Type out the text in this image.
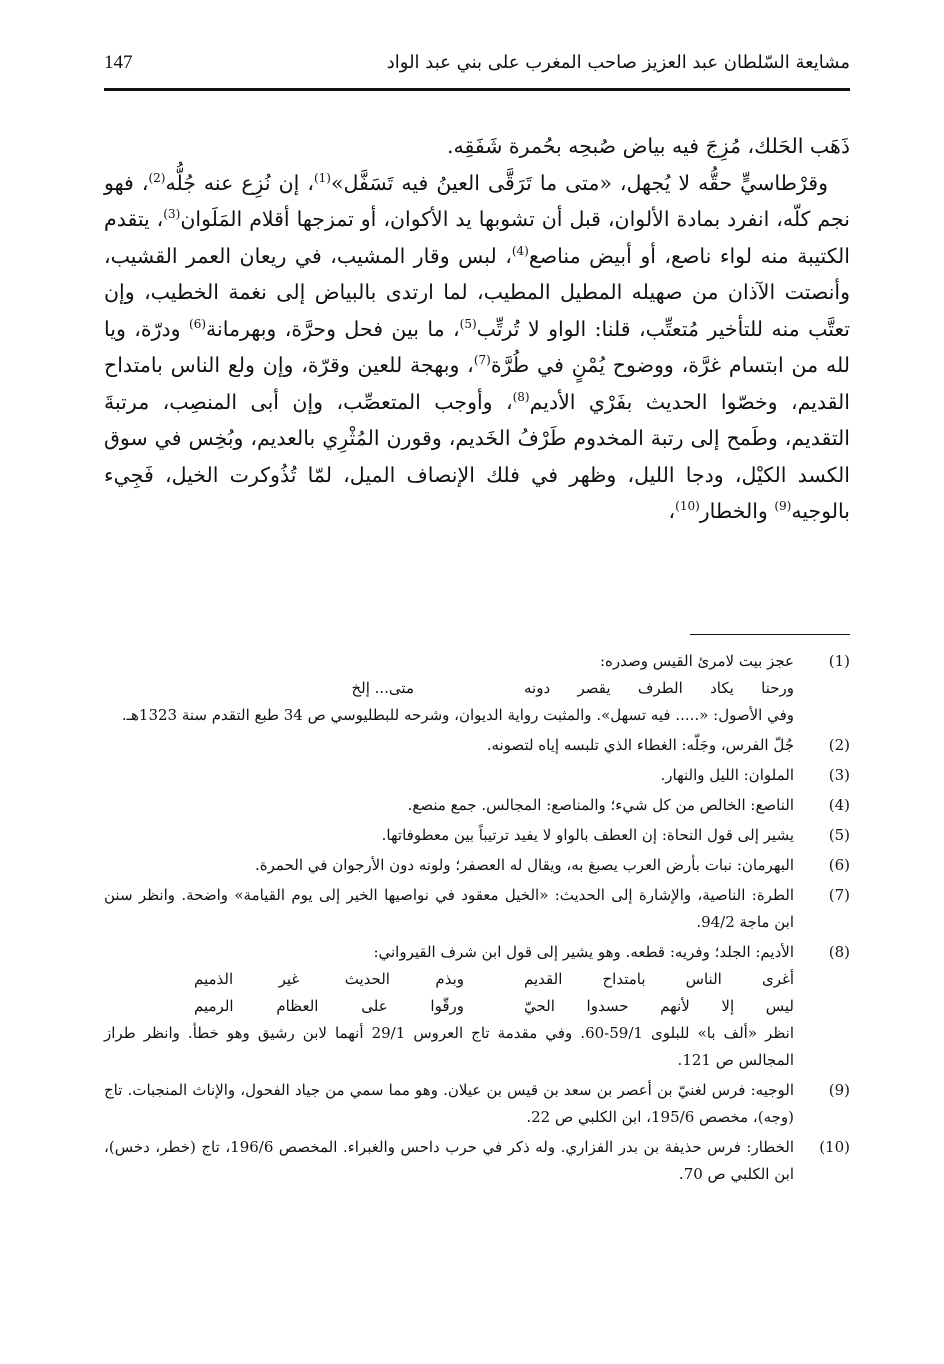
147	مشايعة السّلطان عبد العزيز صاحب المغرب على بني عبد الواد

ذَهَب الحَلك، مُزِجَ فيه بياض صُبحِه بحُمرة شَفَقِه.

وقرْطاسيٍّ حقُّه لا يُجهل، «متى ما تَرَقَّى العينُ فيه تَسَفَّل»$^{(1)}$، إن نُزِع عنه جُلُّه$^{(2)}$، فهو نجم كلّه، انفرد بمادة الألوان، قبل أن تشوبها يد الأكوان، أو تمزجها أقلام المَلَوان$^{(3)}$، يتقدم الكتيبة منه لواء ناصع، أو أبيض مناصع$^{(4)}$، لبس وقار المشيب، في ريعان العمر القشيب، وأنصتت الآذان من صهيله المطيل المطيب، لما ارتدى بالبياض إلى نغمة الخطيب، وإن تعتَّب منه للتأخير مُتعتِّب، قلنا: الواو لا تُرتِّب$^{(5)}$، ما بين فحل وحرَّة، وبهرمانة$^{(6)}$ ودرّة، ويا لله من ابتسام غرَّة، ووضوح يُمْنٍ في طُرَّة$^{(7)}$، وبهجة للعين وقرّة، وإن ولع الناس بامتداح القديم، وخصّوا الحديث بفَرْي الأديم$^{(8)}$، وأوجب المتعصِّب، وإن أبى المنصِب، مرتبةَ التقديم، وطَمح إلى رتبة المخدوم طَرْفُ الخَديم، وقورن المُثْرِي بالعديم، وبُخِس في سوق الكسد الكيْل، ودجا الليل، وظهر في فلك الإنصاف الميل، لمّا تُذُوكرت الخيل، فَجِيء بالوجيه$^{(9)}$ والخطار$^{(10)}$،

(1)
عجز بيت لامرئ القيس وصدره:
ورحنا يكاد الطرف يقصر دونه
متى... إلخ
وفي الأصول: «..... فيه تسهل». والمثبت رواية الديوان، وشرحه للبطليوسي ص 34 طبع التقدم سنة 1323هـ.
(2)
جُلّ الفرس، وجَلّه: الغطاء الذي تلبسه إياه لتصونه.
(3)
الملوان: الليل والنهار.
(4)
الناصع: الخالص من كل شيء؛ والمناصع: المجالس. جمع منصع.
(5)
يشير إلى قول النحاة: إن العطف بالواو لا يفيد ترتيباً بين معطوفاتها.
(6)
البهرمان: نبات بأرض العرب يصبغ به، ويقال له العصفر؛ ولونه دون الأرجوان في الحمرة.
(7)
الطرة: الناصية، والإشارة إلى الحديث: «الخيل معقود في نواصيها الخير إلى يوم القيامة» واضحة. وانظر سنن ابن ماجة 94/2.
(8)
الأديم: الجلد؛ وفريه: قطعه. وهو يشير إلى قول ابن شرف القيرواني:
أغرى الناس بامتداح القديم
وبذم الحديث غير الذميم
ليس إلا لأنهم حسدوا الحيّ
ورقّوا على العظام الرميم
انظر «ألف با» للبلوى 59/1-60. وفي مقدمة تاج العروس 29/1 أنهما لابن رشيق وهو خطأ. وانظر طراز المجالس ص 121.
(9)
الوجيه: فرس لغنيّ بن أعصر بن سعد بن قيس بن عيلان. وهو مما سمي من جياد الفحول، والإناث المنجبات. تاج (وجه)، مخصص 195/6، ابن الكلبي ص 22.
(10)
الخطار: فرس حذيفة بن بدر الفزاري. وله ذكر في حرب داحس والغبراء. المخصص 196/6، تاج (خطر، دخس)، ابن الكلبي ص 70.
